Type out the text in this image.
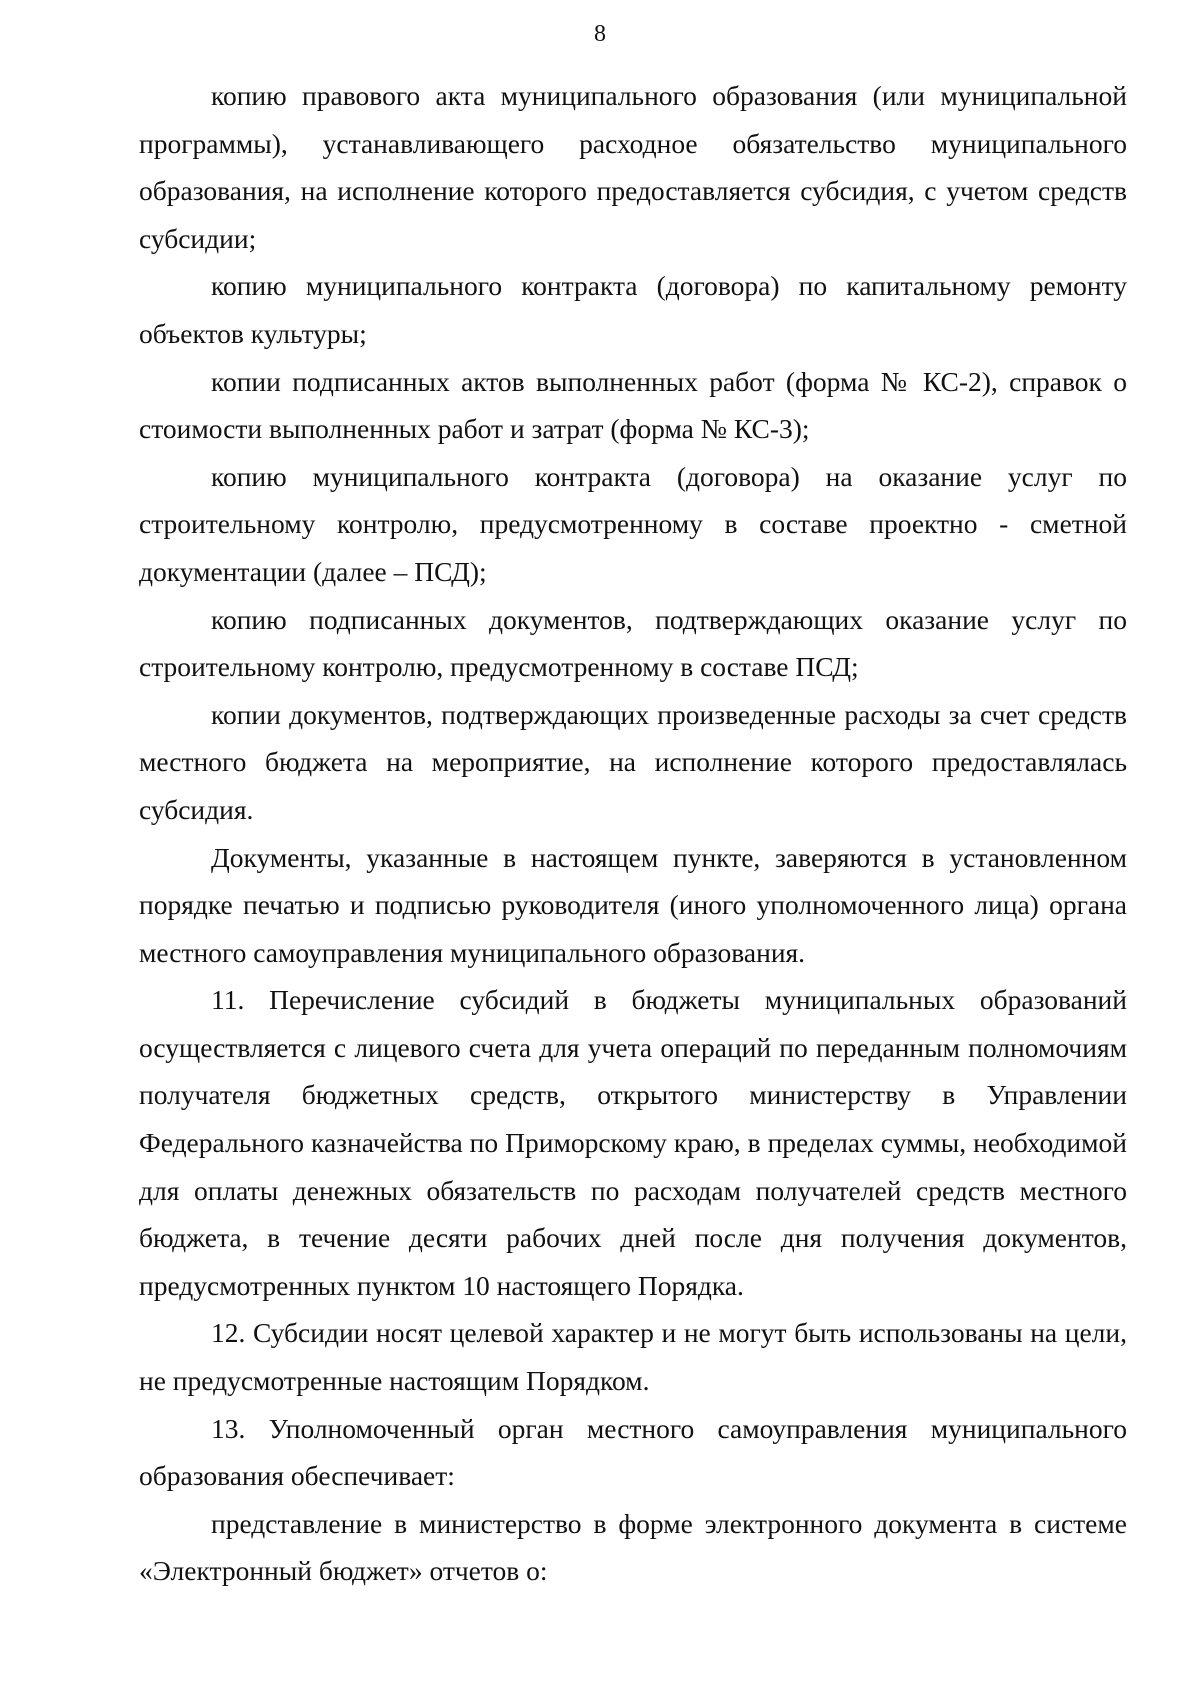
8

копию правового акта муниципального образования (или муниципальной программы), устанавливающего расходное обязательство муниципального образования, на исполнение которого предоставляется субсидия, с учетом средств субсидии;

копию муниципального контракта (договора) по капитальному ремонту объектов культуры;

копии подписанных актов выполненных работ (форма № КС-2), справок о стоимости выполненных работ и затрат (форма № КС-3);

копию муниципального контракта (договора) на оказание услуг по строительному контролю, предусмотренному в составе проектно - сметной документации (далее – ПСД);

копию подписанных документов, подтверждающих оказание услуг по строительному контролю, предусмотренному в составе ПСД;

копии документов, подтверждающих произведенные расходы за счет средств местного бюджета на мероприятие, на исполнение которого предоставлялась субсидия.

Документы, указанные в настоящем пункте, заверяются в установленном порядке печатью и подписью руководителя (иного уполномоченного лица) органа местного самоуправления муниципального образования.

11. Перечисление субсидий в бюджеты муниципальных образований осуществляется с лицевого счета для учета операций по переданным полномочиям получателя бюджетных средств, открытого министерству в Управлении Федерального казначейства по Приморскому краю, в пределах суммы, необходимой для оплаты денежных обязательств по расходам получателей средств местного бюджета, в течение десяти рабочих дней после дня получения документов, предусмотренных пунктом 10 настоящего Порядка.

12. Субсидии носят целевой характер и не могут быть использованы на цели, не предусмотренные настоящим Порядком.

13. Уполномоченный орган местного самоуправления муниципального образования обеспечивает:

представление в министерство в форме электронного документа в системе «Электронный бюджет» отчетов о:
